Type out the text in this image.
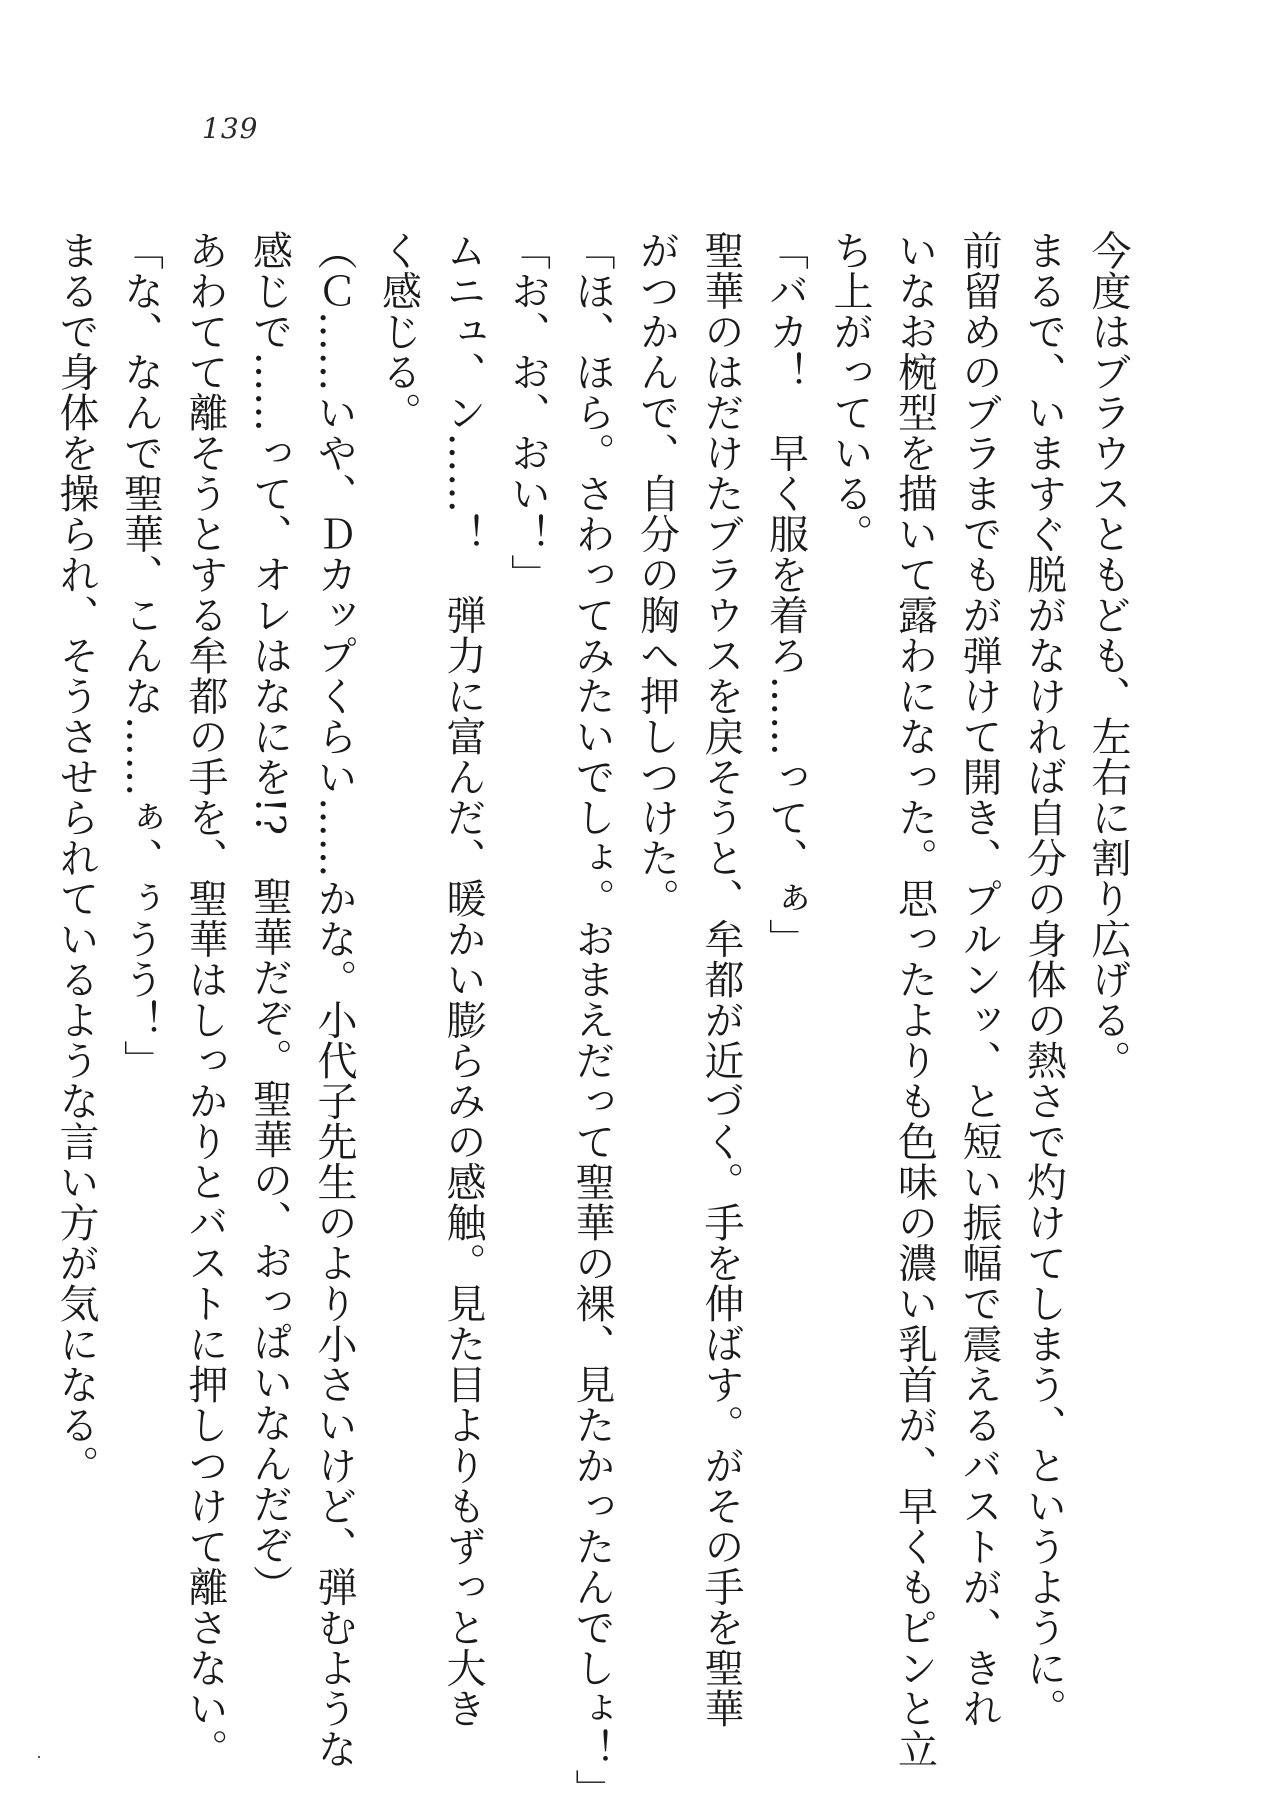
139
今度はブラウスともども、左右に割り広げる。
まるで、いますぐ脱がなければ自分の身体の熱さで灼けてしまう、というように。
前留めのブラまでもが弾けて開き、プルンッ、と短い振幅で震えるバストが、きれ
いなお椀型を描いて露わになった。思ったよりも色味の濃い乳首が、早くもピンと立
ち上がっている。
「バカ！　早く服を着ろ……って、ぁ」
聖華のはだけたブラウスを戻そうと、牟都が近づく。手を伸ばす。がその手を聖華
がつかんで、自分の胸へ押しつけた。
「ほ、ほら。さわってみたいでしょ。おまえだって聖華の裸、見たかったんでしょ！」
「お、お、おい！」
ムニュ、ン……！　弾力に富んだ、暖かい膨らみの感触。見た目よりもずっと大き
く感じる。
（Ｃ……いや、Ｄカップくらい……かな。小代子先生のより小さいけど、弾むような
感じで……って、オレはなにを!?　聖華だぞ。聖華の、おっぱいなんだぞ）
あわてて離そうとする牟都の手を、聖華はしっかりとバストに押しつけて離さない。
「な、なんで聖華、こんな……ぁ、ぅうう！」
まるで身体を操られ、そうさせられているような言い方が気になる。
